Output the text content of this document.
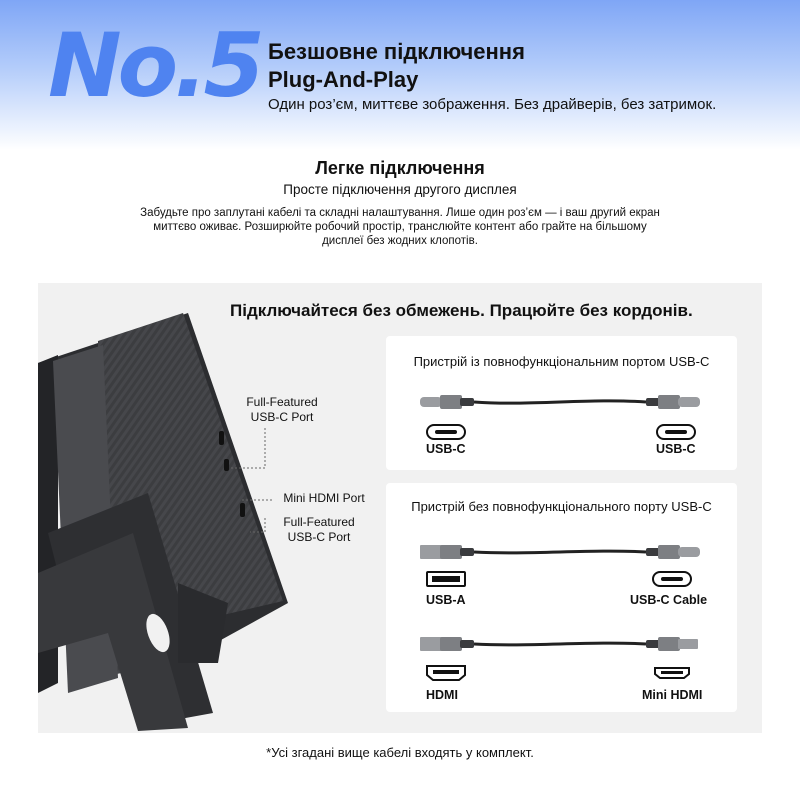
No.5 Безшовне підключення
Plug-And-Play
Один роз’єм, миттєве зображення. Без драйверів, без затримок.
Легке підключення
Просте підключення другого дисплея
Забудьте про заплутані кабелі та складні налаштування. Лише один роз’єм — і ваш другий екран
миттєво оживає. Розширюйте робочий простір, транслюйте контент або грайте на більшому
дисплеї без жодних клопотів.
Full-Featured
USB-C Port
Mini HDMI Port
Full-Featured
USB-C Port
Підключайтеся без обмежень. Працюйте без кордонів.
Пристрій із повнофункціональним портом USB-C
USB-C	USB-C
Пристрій без повнофункціонального порту USB-C
USB-A	USB-C Cable
HDMI	Mini HDMI
*Усі згадані вище кабелі входять у комплект.
